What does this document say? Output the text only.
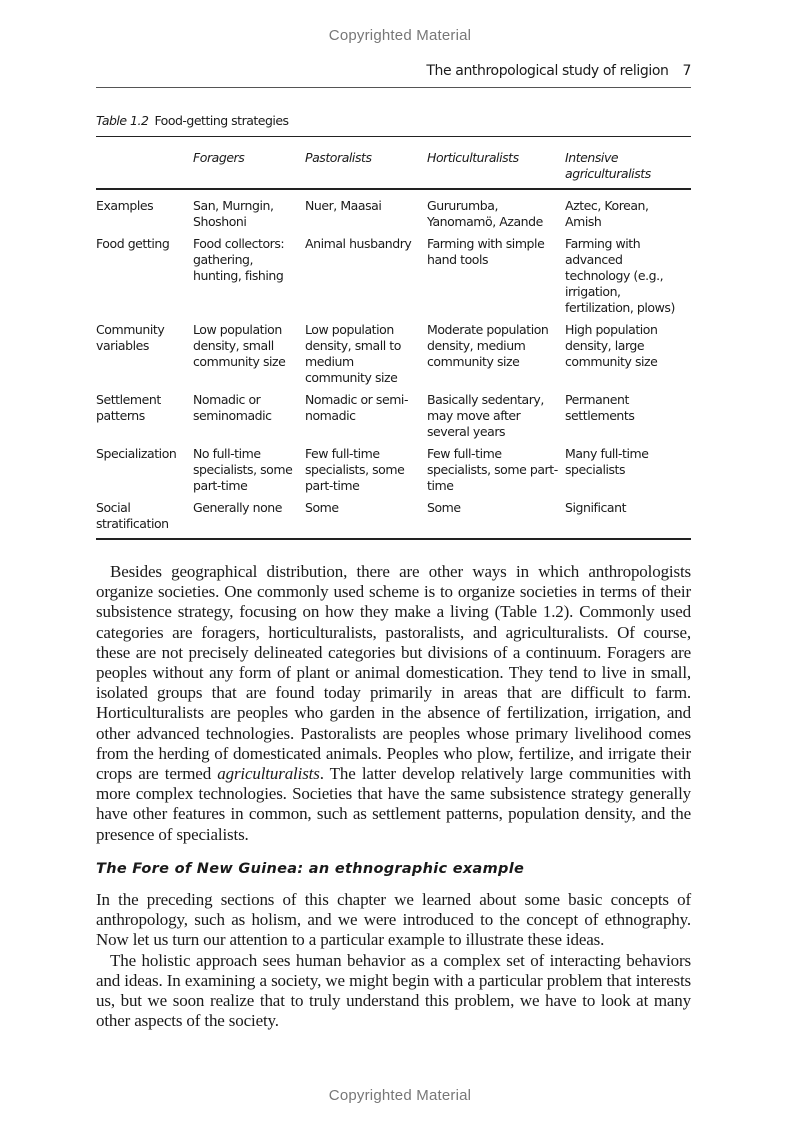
Copyrighted Material
The anthropological study of religion 7
Table 1.2 Food-getting strategies
	Foragers	Pastoralists	Horticulturalists	Intensive agriculturalists
Examples	San, Murngin, Shoshoni	Nuer, Maasai	Gururumba, Yanomamö, Azande	Aztec, Korean, Amish
Food getting	Food collectors: gathering, hunting, fishing	Animal husbandry	Farming with simple hand tools	Farming with advanced technology (e.g., irrigation, fertilization, plows)
Community variables	Low population density, small community size	Low population density, small to medium community size	Moderate population density, medium community size	High population density, large community size
Settlement patterns	Nomadic or seminomadic	Nomadic or semi-nomadic	Basically sedentary, may move after several years	Permanent settlements
Specialization	No full-time specialists, some part-time	Few full-time specialists, some part-time	Few full-time specialists, some part-time	Many full-time specialists
Social stratification	Generally none	Some	Some	Significant

Besides geographical distribution, there are other ways in which anthropologists organize societies. One commonly used scheme is to organize societies in terms of their subsistence strategy, focusing on how they make a living (Table 1.2). Commonly used categories are foragers, horticulturalists, pastoralists, and agriculturalists. Of course, these are not precisely delineated categories but divisions of a continuum. Foragers are peoples without any form of plant or animal domestication. They tend to live in small, isolated groups that are found today primarily in areas that are difficult to farm. Horticulturalists are peoples who garden in the absence of fertilization, irrigation, and other advanced technologies. Pastoralists are peoples whose primary livelihood comes from the herding of domesticated animals. Peoples who plow, fertilize, and irrigate their crops are termed agriculturalists. The latter develop relatively large communities with more complex technologies. Societies that have the same subsistence strategy generally have other features in common, such as settlement patterns, population density, and the presence of specialists.

The Fore of New Guinea: an ethnographic example

In the preceding sections of this chapter we learned about some basic concepts of anthropology, such as holism, and we were introduced to the concept of ethnography. Now let us turn our attention to a particular example to illustrate these ideas.

The holistic approach sees human behavior as a complex set of interacting behaviors and ideas. In examining a society, we might begin with a particular problem that interests us, but we soon realize that to truly understand this problem, we have to look at many other aspects of the society.

Copyrighted Material
